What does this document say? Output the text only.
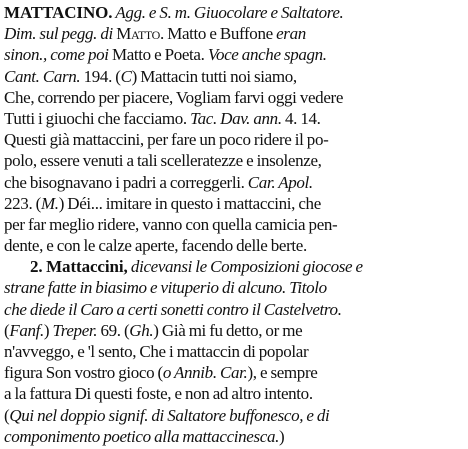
MATTACINO. Agg. e S. m. Giuocolare e Saltatore.
Dim. sul pegg. di Matto. Matto e Buffone eran
sinon., come poi Matto e Poeta. Voce anche spagn.
Cant. Carn. 194. (C) Mattacin tutti noi siamo,
Che, correndo per piacere, Vogliam farvi oggi vedere
Tutti i giuochi che facciamo. Tac. Dav. ann. 4. 14.
Questi già mattaccini, per fare un poco ridere il po-
polo, essere venuti a tali scelleratezze e insolenze,
che bisognavano i padri a correggerli. Car. Apol.
223. (M.) Déi... imitare in questo i mattaccini, che
per far meglio ridere, vanno con quella camicia pen-
dente, e con le calze aperte, facendo delle berte.
2. Mattaccini, dicevansi le Composizioni giocose e
strane fatte in biasimo e vituperio di alcuno. Titolo
che diede il Caro a certi sonetti contro il Castelvetro.
(Fanf.) Treper. 69. (Gh.) Già mi fu detto, or me
n'avveggo, e 'l sento, Che i mattaccin di popolar
figura Son vostro gioco (o Annib. Car.), e sempre
a la fattura Di questi foste, e non ad altro intento.
(Qui nel doppio signif. di Saltatore buffonesco, e di
componimento poetico alla mattaccinesca.)
